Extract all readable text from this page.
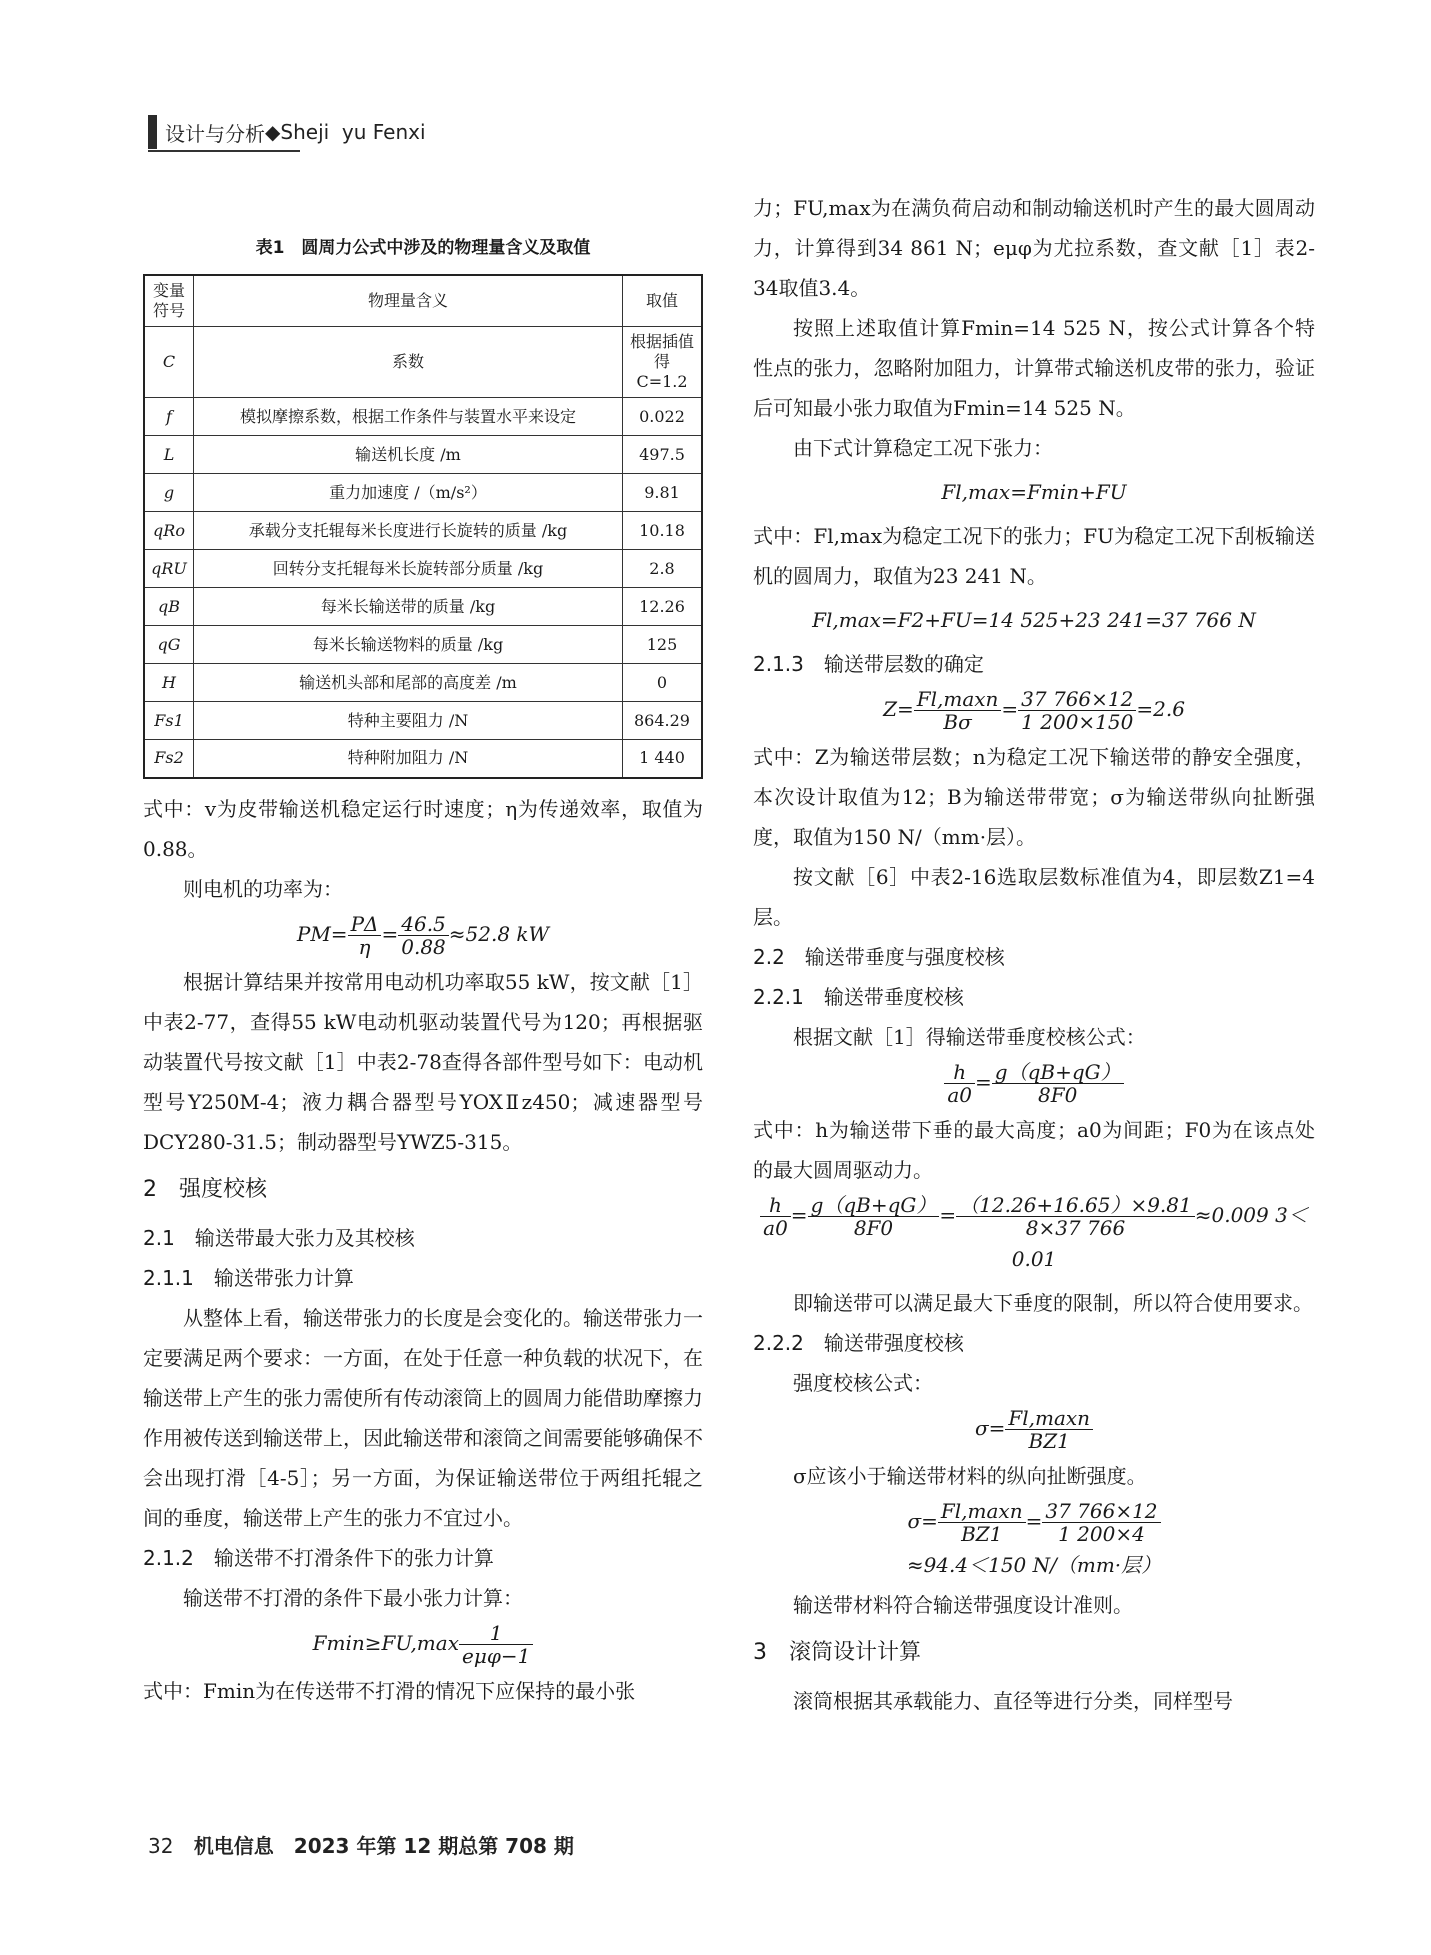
设计与分析 ◆ Sheji  yu Fenxi
表1　圆周力公式中涉及的物理量含义及取值
变量符号	物理量含义	取值
C	系数	根据插值得 C=1.2
f	模拟摩擦系数，根据工作条件与装置水平来设定	0.022
L	输送机长度 /m	497.5
g	重力加速度 /（m/s²）	9.81
qRo	承载分支托辊每米长度进行长旋转的质量 /kg	10.18
qRU	回转分支托辊每米长旋转部分质量 /kg	2.8
qB	每米长输送带的质量 /kg	12.26
qG	每米长输送物料的质量 /kg	125
H	输送机头部和尾部的高度差 /m	0
Fs1	特种主要阻力 /N	864.29
Fs2	特种附加阻力 /N	1 440

式中：v为皮带输送机稳定运行时速度；η为传递效率，取值为0.88。

则电机的功率为：

$PM= \frac{P\Delta}{\eta} = \frac{46.5}{0.88} \approx 52.8$ kW

根据计算结果并按常用电动机功率取55 kW，按文献［1］中表2-77，查得55 kW电动机驱动装置代号为120；再根据驱动装置代号按文献［1］中表2-78查得各部件型号如下：电动机型号Y250M-4；液力耦合器型号YOXⅡz450；减速器型号DCY280-31.5；制动器型号YWZ5-315。

2　强度校核
2.1　输送带最大张力及其校核
2.1.1　输送带张力计算

从整体上看，输送带张力的长度是会变化的。输送带张力一定要满足两个要求：一方面，在处于任意一种负载的状况下，在输送带上产生的张力需使所有传动滚筒上的圆周力能借助摩擦力作用被传送到输送带上，因此输送带和滚筒之间需要能够确保不会出现打滑［4-5］；另一方面，为保证输送带位于两组托辊之间的垂度，输送带上产生的张力不宜过小。

2.1.2　输送带不打滑条件下的张力计算

输送带不打滑的条件下最小张力计算：

$Fmin\ge FU,\max \frac{1}{\text{eμφ−1}}$

式中：Fmin为在传送带不打滑的情况下应保持的最小张

力；FU,max为在满负荷启动和制动输送机时产生的最大圆周动力，计算得到34 861 N；eμφ为尤拉系数，查文献［1］表2-34取值3.4。

按照上述取值计算Fmin=14 525 N，按公式计算各个特性点的张力，忽略附加阻力，计算带式输送机皮带的张力，验证后可知最小张力取值为Fmin=14 525 N。

由下式计算稳定工况下张力：

Fl,max=Fmin+FU

式中：Fl,max为稳定工况下的张力；FU为稳定工况下刮板输送机的圆周力，取值为23 241 N。

Fl,max=F2+FU=14 525+23 241=37 766 N
2.1.3　输送带层数的确定
$Z= \frac{Fl,\max n}{B\sigma} = \frac{37 766\times 12}{1 200\times 150} =2.6$

式中：Z为输送带层数；n为稳定工况下输送带的静安全强度，本次设计取值为12；B为输送带带宽；σ为输送带纵向扯断强度，取值为150 N/（mm·层）。

按文献［6］中表2-16选取层数标准值为4，即层数Z1=4层。

2.2　输送带垂度与强度校核
2.2.1　输送带垂度校核

根据文献［1］得输送带垂度校核公式：

$\frac{h}{a0} = \frac{g(qB+qG)}{8F0}$

式中：h为输送带下垂的最大高度；a0为间距；F0为在该点处的最大圆周驱动力。

$\frac{h}{a0} = \frac{g(qB+qG)}{8F0} = \frac{(12.26+16.65)\times 9.81}{8\times 37 766} \approx 0.009$ 3＜0.01

即输送带可以满足最大下垂度的限制，所以符合使用要求。

2.2.2　输送带强度校核

强度校核公式：

$\sigma= \frac{Fl,\max n}{BZ1}$

σ应该小于输送带材料的纵向扯断强度。

$\sigma= \frac{Fl,\max n}{BZ1} = \frac{37 766\times 12}{1 200\times 4}$
≈94.4＜150 N/（mm·层）

输送带材料符合输送带强度设计准则。

3　滚筒设计计算

滚筒根据其承载能力、直径等进行分类，同样型号

32 机电信息　2023 年第 12 期总第 708 期
